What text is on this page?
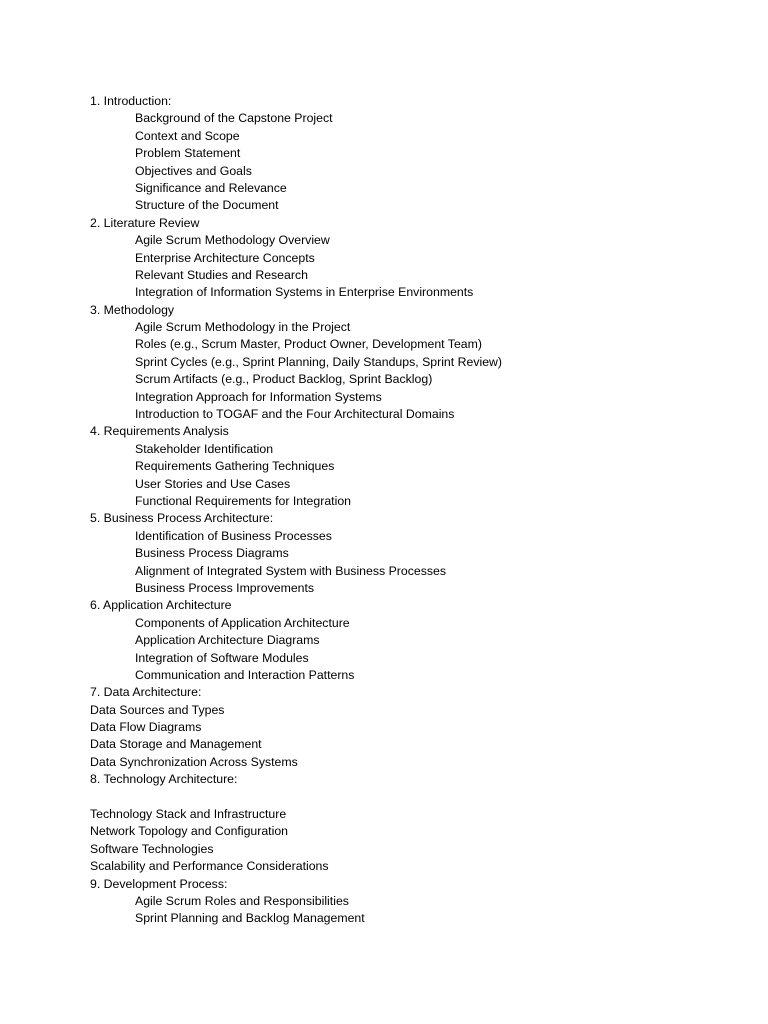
1. Introduction:
Background of the Capstone Project
Context and Scope
Problem Statement
Objectives and Goals
Significance and Relevance
Structure of the Document
2. Literature Review
Agile Scrum Methodology Overview
Enterprise Architecture Concepts
Relevant Studies and Research
Integration of Information Systems in Enterprise Environments
3. Methodology
Agile Scrum Methodology in the Project
Roles (e.g., Scrum Master, Product Owner, Development Team)
Sprint Cycles (e.g., Sprint Planning, Daily Standups, Sprint Review)
Scrum Artifacts (e.g., Product Backlog, Sprint Backlog)
Integration Approach for Information Systems
Introduction to TOGAF and the Four Architectural Domains
4. Requirements Analysis
Stakeholder Identification
Requirements Gathering Techniques
User Stories and Use Cases
Functional Requirements for Integration
5. Business Process Architecture:
Identification of Business Processes
Business Process Diagrams
Alignment of Integrated System with Business Processes
Business Process Improvements
6. Application Architecture
Components of Application Architecture
Application Architecture Diagrams
Integration of Software Modules
Communication and Interaction Patterns
7. Data Architecture:
Data Sources and Types
Data Flow Diagrams
Data Storage and Management
Data Synchronization Across Systems
8. Technology Architecture:
Technology Stack and Infrastructure
Network Topology and Configuration
Software Technologies
Scalability and Performance Considerations
9. Development Process:
Agile Scrum Roles and Responsibilities
Sprint Planning and Backlog Management
